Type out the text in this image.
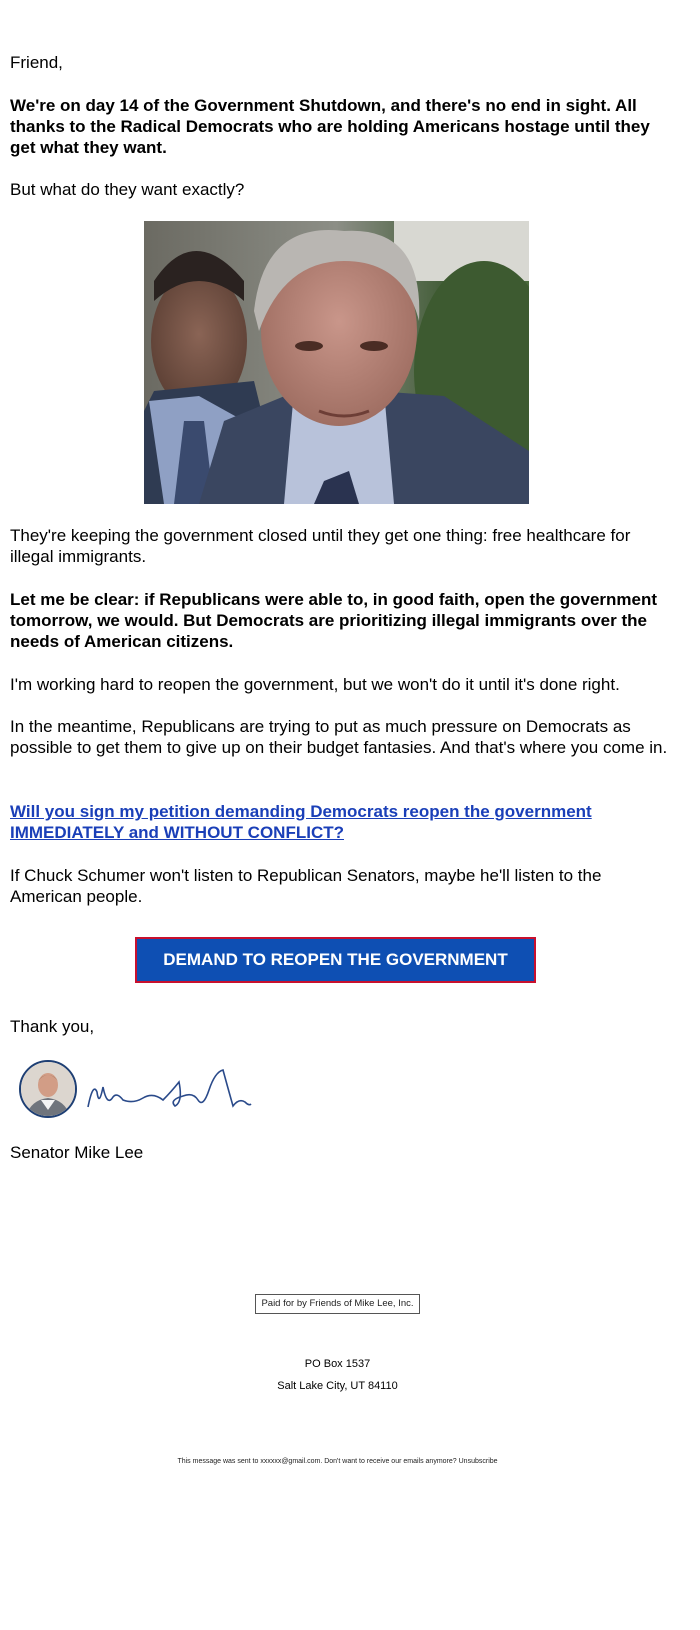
Friend,

We're on day 14 of the Government Shutdown, and there's no end in sight. All thanks to the Radical Democrats who are holding Americans hostage until they get what they want.

But what do they want exactly?

They're keeping the government closed until they get one thing: free healthcare for illegal immigrants.

Let me be clear: if Republicans were able to, in good faith, open the government tomorrow, we would. But Democrats are prioritizing illegal immigrants over the needs of American citizens.

I'm working hard to reopen the government, but we won't do it until it's done right.

In the meantime, Republicans are trying to put as much pressure on Democrats as possible to get them to give up on their budget fantasies. And that's where you come in.

Will you sign my petition demanding Democrats reopen the government IMMEDIATELY and WITHOUT CONFLICT?

If Chuck Schumer won't listen to Republican Senators, maybe he'll listen to the American people.

DEMAND TO REOPEN THE GOVERNMENT

Thank you,

Senator Mike Lee

Paid for by Friends of Mike Lee, Inc.
PO Box 1537
Salt Lake City, UT 84110
This message was sent to xxxxxx@gmail.com. Don't want to receive our emails anymore? Unsubscribe
